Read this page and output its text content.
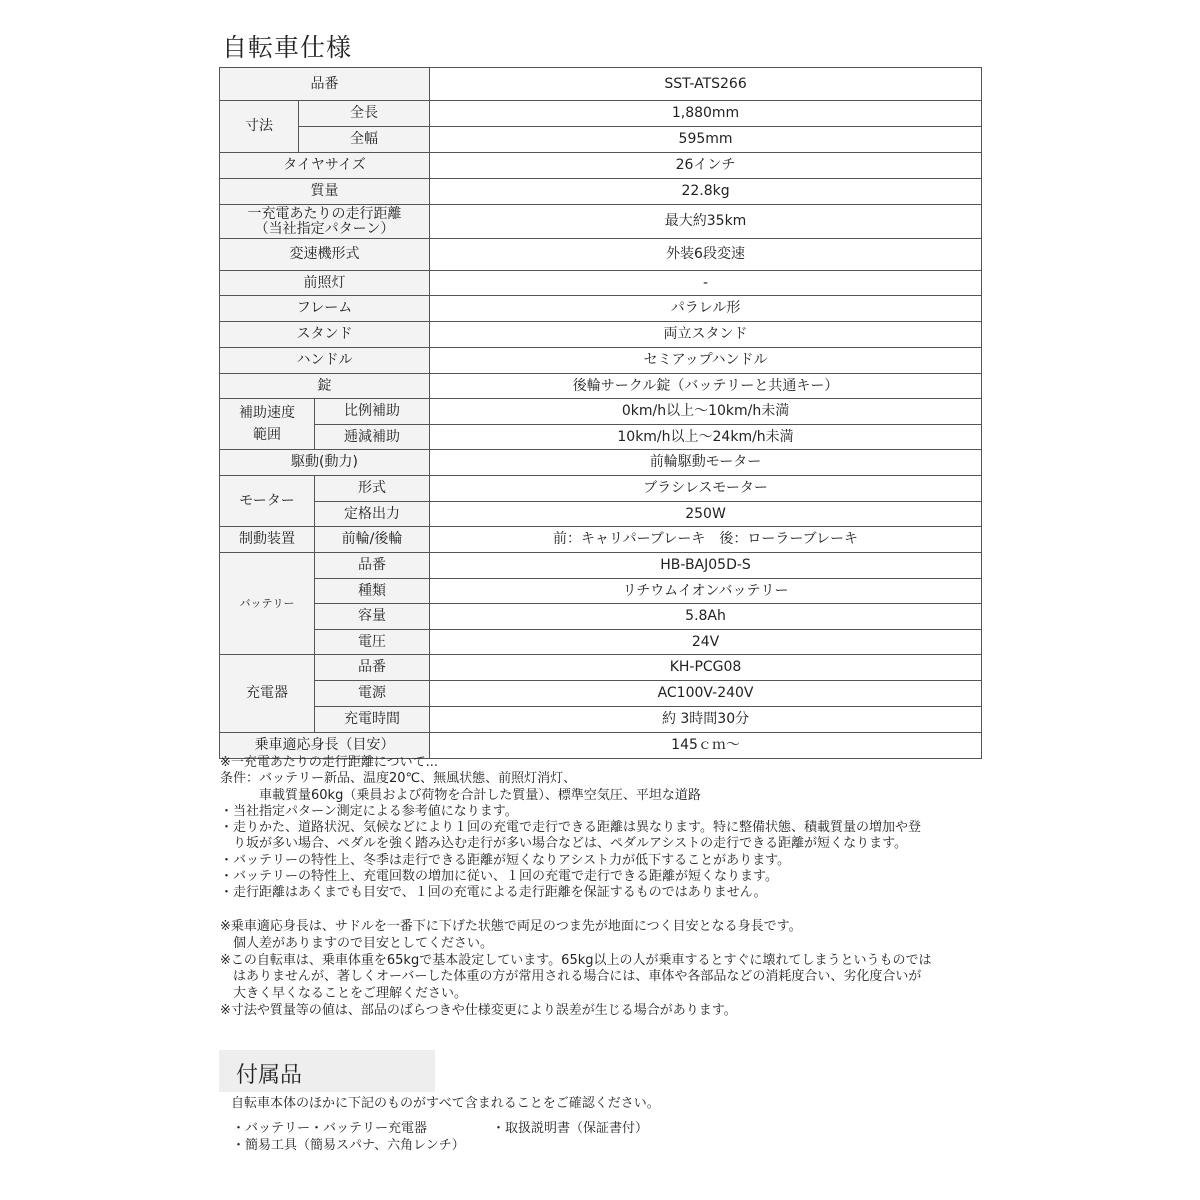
自転車仕様
品番			SST-ATS266
寸法	全長		1,880mm
	全幅		595mm
タイヤサイズ			26インチ
質量			22.8kg

一充電あたりの走行距離
（当社指定パターン）			最大約35km
変速機形式			外装6段変速
前照灯			-
フレーム			パラレル形
スタンド			両立スタンド
ハンドル			セミアップハンドル
錠			後輪サークル錠（バッテリーと共通キー）

補助速度
範囲		比例補助	0km/h以上～10km/h未満
		逓減補助	10km/h以上～24km/h未満
駆動(動力)			前輪駆動モーター
モーター		形式	ブラシレスモーター
		定格出力	250W
制動装置		前輪/後輪	前：キャリパーブレーキ　後：ローラーブレーキ
バッテリー		品番	HB-BAJ05D-S
		種類	リチウムイオンバッテリー
		容量	5.8Ah
		電圧	24V
充電器		品番	KH-PCG08
		電源	AC100V-240V
		充電時間	約 3時間30分
乗車適応身長（目安）			145ｃｍ～

※一充電あたりの走行距離について...

条件：バッテリー新品、温度20℃、無風状態、前照灯消灯、

　　　車載質量60kg（乗員および荷物を合計した質量）、標準空気圧、平坦な道路

・当社指定パターン測定による参考値になります。

・走りかた、道路状況、気候などにより１回の充電で走行できる距離は異なります。特に整備状態、積載質量の増加や登

　り坂が多い場合、ペダルを強く踏み込む走行が多い場合などは、ペダルアシストの走行できる距離が短くなります。

・バッテリーの特性上、冬季は走行できる距離が短くなりアシスト力が低下することがあります。

・バッテリーの特性上、充電回数の増加に従い、１回の充電で走行できる距離が短くなります。

・走行距離はあくまでも目安で、１回の充電による走行距離を保証するものではありません。

※乗車適応身長は、サドルを一番下に下げた状態で両足のつま先が地面につく目安となる身長です。

　個人差がありますので目安としてください。

※この自転車は、乗車体重を65kgで基本設定しています。65kg以上の人が乗車するとすぐに壊れてしまうというものでは

　はありませんが、著しくオーバーした体重の方が常用される場合には、車体や各部品などの消耗度合い、劣化度合いが

　大きく早くなることをご理解ください。

※寸法や質量等の値は、部品のばらつきや仕様変更により誤差が生じる場合があります。

付属品
自転車本体のほかに下記のものがすべて含まれることをご確認ください。
・バッテリー・バッテリー充電器	・取扱説明書（保証書付）
・簡易工具（簡易スパナ、六角レンチ）
